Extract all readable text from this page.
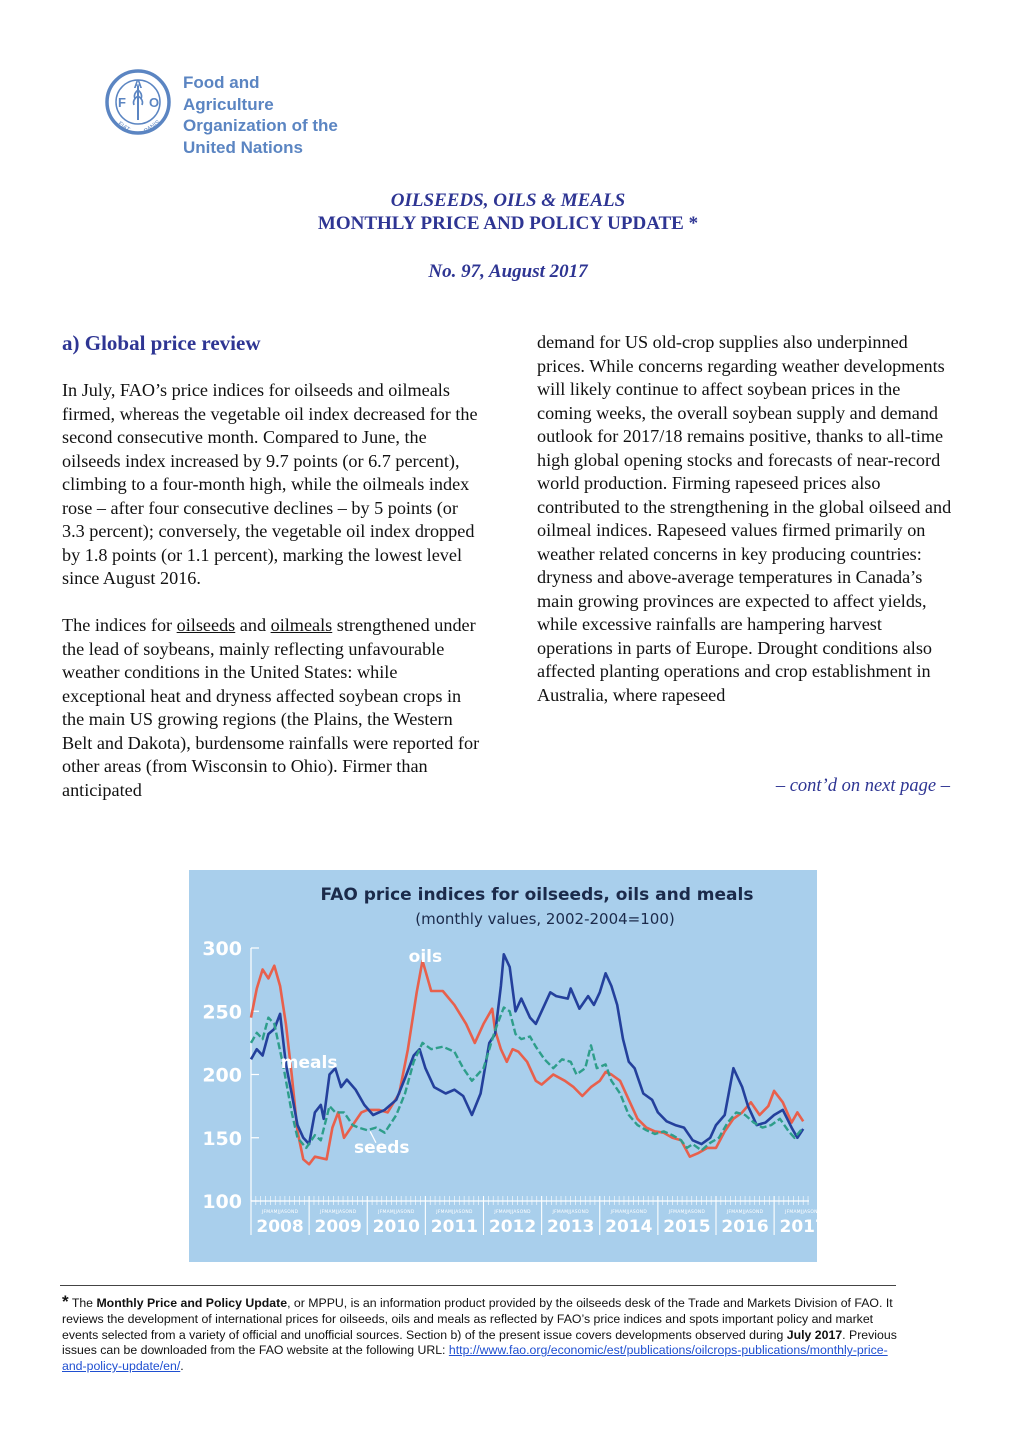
F
A
O
FIAT PANIS
Food and Agriculture
Organization of the
United Nations
OILSEEDS, OILS & MEALS
MONTHLY PRICE AND POLICY UPDATE *
No. 97, August 2017
a) Global price review

In July, FAO’s price indices for oilseeds and oilmeals firmed, whereas the vegetable oil index decreased for the second consecutive month. Compared to June, the oilseeds index increased by 9.7 points (or 6.7 percent), climbing to a four-month high, while the oilmeals index rose – after four consecutive declines – by 5 points (or 3.3 percent); conversely, the vegetable oil index dropped by 1.8 points (or 1.1 percent), marking the lowest level since August 2016.

The indices for oilseeds and oilmeals strengthened under the lead of soybeans, mainly reflecting unfavourable weather conditions in the United States: while exceptional heat and dryness affected soybean crops in the main US growing regions (the Plains, the Western Belt and Dakota), burdensome rainfalls were reported for other areas (from Wisconsin to Ohio). Firmer than anticipated

demand for US old-crop supplies also underpinned prices. While concerns regarding weather developments will likely continue to affect soybean prices in the coming weeks, the overall soybean supply and demand outlook for 2017/18 remains positive, thanks to all-time high global opening stocks and forecasts of near-record world production. Firming rapeseed prices also contributed to the strengthening in the global oilseed and oilmeal indices. Rapeseed values firmed primarily on weather related concerns in key producing countries: dryness and above-average temperatures in Canada’s main growing provinces are expected to affect yields, while excessive rainfalls are hampering harvest operations in parts of Europe. Drought conditions also affected planting operations and crop establishment in Australia, where rapeseed

– cont’d on next page –
FAO price indices for oilseeds, oils and meals
(monthly values, 2002-2004=100)
100
150
200
250
300
JFMAMJJASOND
2008
JFMAMJJASOND
2009
JFMAMJJASOND
2010
JFMAMJJASOND
2011
JFMAMJJASOND
2012
JFMAMJJASOND
2013
JFMAMJJASOND
2014
JFMAMJJASOND
2015
JFMAMJJASOND
2016
JFMAMJJASOND
2017
oils
meals
seeds
* The Monthly Price and Policy Update, or MPPU, is an information product provided by the oilseeds desk of the Trade and Markets Division of FAO. It reviews the development of international prices for oilseeds, oils and meals as reflected by FAO’s price indices and spots important policy and market events selected from a variety of official and unofficial sources. Section b) of the present issue covers developments observed during July 2017. Previous issues can be downloaded from the FAO website at the following URL: http://www.fao.org/economic/est/publications/oilcrops-publications/monthly-price-and-policy-update/en/.
